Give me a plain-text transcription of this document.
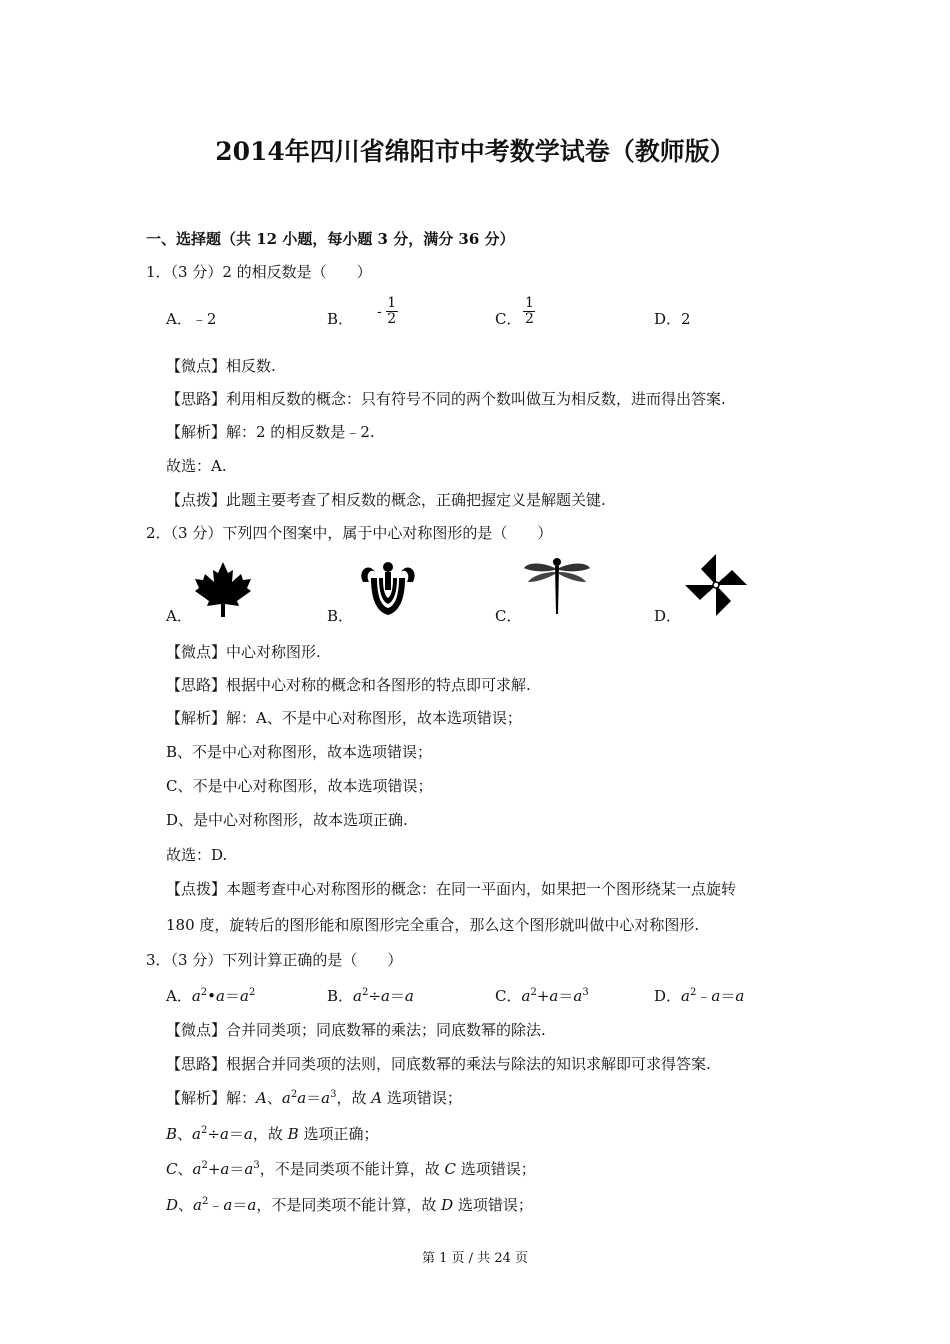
2014年四川省绵阳市中考数学试卷（教师版）
一、选择题（共 12 小题，每小题 3 分，满分 36 分）
1．（3 分）2 的相反数是（　　）
A．﹣2	B． - $\frac{1}{2}$	C． $\frac{1}{2}$	D．2
【微点】相反数.
【思路】利用相反数的概念：只有符号不同的两个数叫做互为相反数，进而得出答案.
【解析】解：2 的相反数是﹣2.
故选：A.
【点拨】此题主要考查了相反数的概念，正确把握定义是解题关键.
2．（3 分）下列四个图案中，属于中心对称图形的是（　　）
A．	B．	C．	D．
【微点】中心对称图形.
【思路】根据中心对称的概念和各图形的特点即可求解.
【解析】解：A、不是中心对称图形，故本选项错误；
B、不是中心对称图形，故本选项错误；
C、不是中心对称图形，故本选项错误；
D、是中心对称图形，故本选项正确.
故选：D.
【点拨】本题考查中心对称图形的概念：在同一平面内，如果把一个图形绕某一点旋转
180 度，旋转后的图形能和原图形完全重合，那么这个图形就叫做中心对称图形.
3．（3 分）下列计算正确的是（　　）
A．$a^2•a=a^2$	B．$a^2\div a=a$	C．$a^2+a=a^3$	D．$a^2﹣a=a$
【微点】合并同类项；同底数幂的乘法；同底数幂的除法.
【思路】根据合并同类项的法则，同底数幂的乘法与除法的知识求解即可求得答案.
【解析】解：A、$a^2a=a^3$，故 A 选项错误；
B、$a^2\div a=a$，故 B 选项正确；
C、$a^2+a=a^3$，不是同类项不能计算，故 C 选项错误；
D、$a^2﹣a=a$，不是同类项不能计算，故 D 选项错误；
第 1 页 / 共 24 页
